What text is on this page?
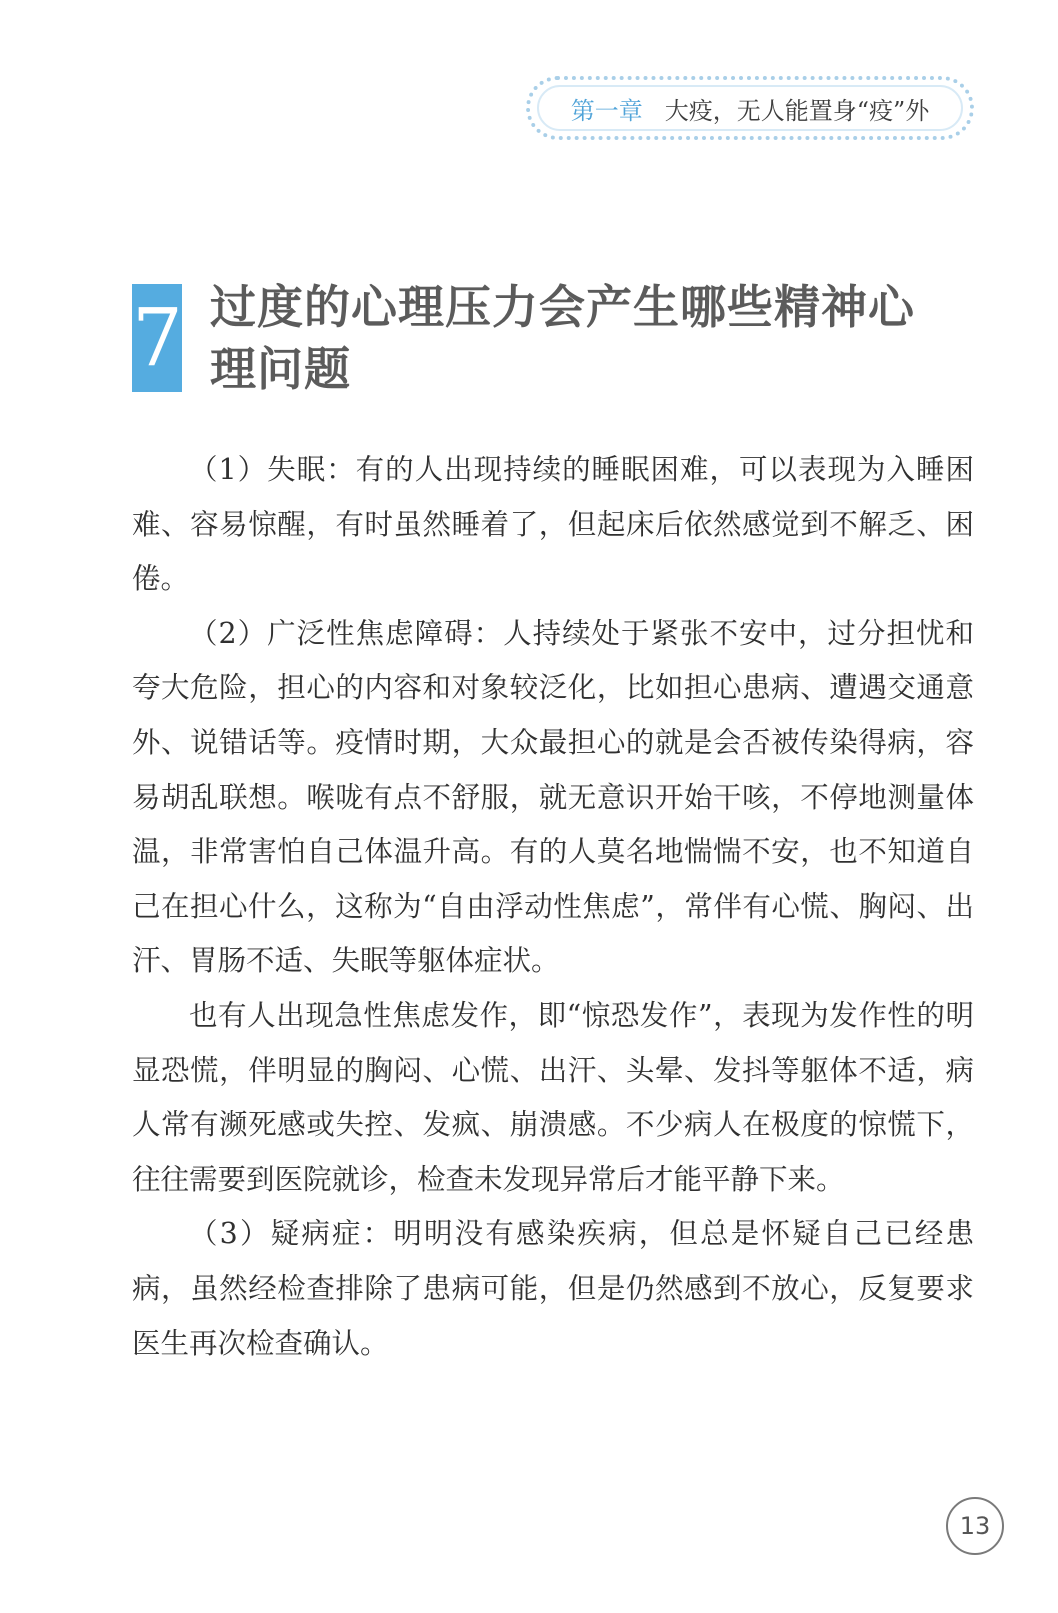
第一章 大疫，无人能置身“疫”外
7 过度的心理压力会产生哪些精神心
理问题

（1）失眠：有的人出现持续的睡眠困难，可以表现为入睡困难、容易惊醒，有时虽然睡着了，但起床后依然感觉到不解乏、困倦。

（2）广泛性焦虑障碍：人持续处于紧张不安中，过分担忧和夸大危险，担心的内容和对象较泛化，比如担心患病、遭遇交通意外、说错话等。疫情时期，大众最担心的就是会否被传染得病，容易胡乱联想。喉咙有点不舒服，就无意识开始干咳，不停地测量体温，非常害怕自己体温升高。有的人莫名地惴惴不安，也不知道自己在担心什么，这称为“自由浮动性焦虑”，常伴有心慌、胸闷、出汗、胃肠不适、失眠等躯体症状。

也有人出现急性焦虑发作，即“惊恐发作”，表现为发作性的明显恐慌，伴明显的胸闷、心慌、出汗、头晕、发抖等躯体不适，病人常有濒死感或失控、发疯、崩溃感。不少病人在极度的惊慌下，往往需要到医院就诊，检查未发现异常后才能平静下来。

（3）疑病症：明明没有感染疾病，但总是怀疑自己已经患病，虽然经检查排除了患病可能，但是仍然感到不放心，反复要求医生再次检查确认。

13
